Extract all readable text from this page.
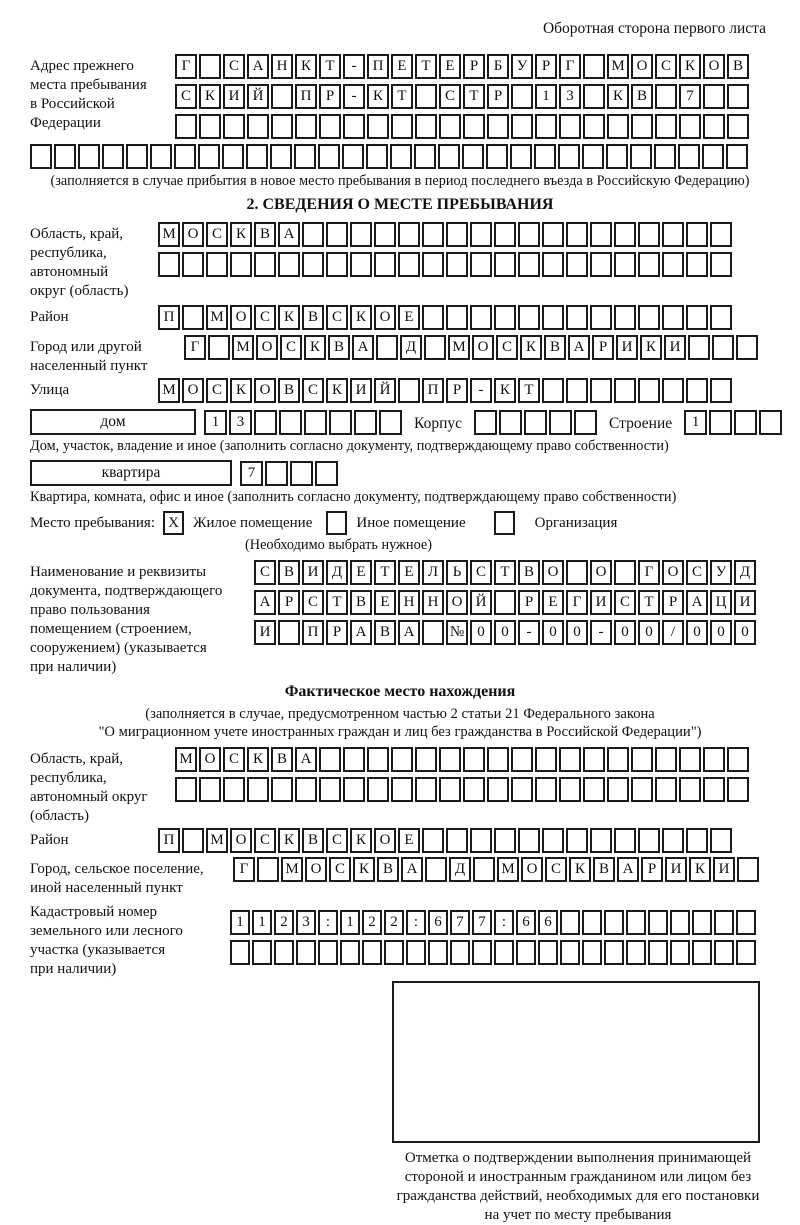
Оборотная сторона первого листа
Адрес прежнего
места пребывания
в Российской
Федерации
Г	С А Н К Т	-	П Е Т Е	Р	Б У Р	Г	М О С К О В
С К И Й	П Р	-	К Т	С Т	Р	1	3	К В	7
(заполняется в случае прибытия в новое место пребывания в период последнего въезда в Российскую Федерацию)
2. СВЕДЕНИЯ О МЕСТЕ ПРЕБЫВАНИЯ
Область, край,
республика,
автономный
округ (область)
М О С К В А
Район	П	М О С К В С К О Е
Город или другой
населенный пункт
Г	М О С К В А	Д	М О С К В А Р И К И
Улица	М О С К О В С К И Й	П Р	-	К Т
дом	1	3	Корпус	Строение	1
Дом, участок, владение и иное (заполнить согласно документу, подтверждающему право собственности)
квартира	7
Квартира, комната, офис и иное (заполнить согласно документу, подтверждающему право собственности)
Место пребывания: X Жилое помещение	Иное помещение	Организация
(Необходимо выбрать нужное)
Наименование и реквизиты
документа, подтверждающего
право пользования
помещением (строением,
сооружением) (указывается
при наличии)
С В И Д Е Т Е Л Ь С Т В О	О	Г О С У Д
А Р С Т В Е Н Н О Й	Р	Е	Г И С Т	Р А Ц И
И	П Р А В А	№ 0	0	-	0	0	-	0	0	/	0	0	0
Фактическое место нахождения
(заполняется в случае, предусмотренном частью 2 статьи 21 Федерального закона
"О миграционном учете иностранных граждан и лиц без гражданства в Российской Федерации")
Область, край,
республика,
автономный округ
(область)
М О С К В А
Район	П	М О С К В С К О Е
Город, сельское поселение,
иной населенный пункт
Г	М О С К В А	Д	М О С К В А Р И К И
Кадастровый номер
земельного или лесного
участка (указывается
при наличии)
1 1 2 3	:	1 2 2	:	6 7 7	:	6 6
Отметка о подтверждении выполнения принимающей
стороной и иностранным гражданином или лицом без
гражданства действий, необходимых для его постановки
на учет по месту пребывания
